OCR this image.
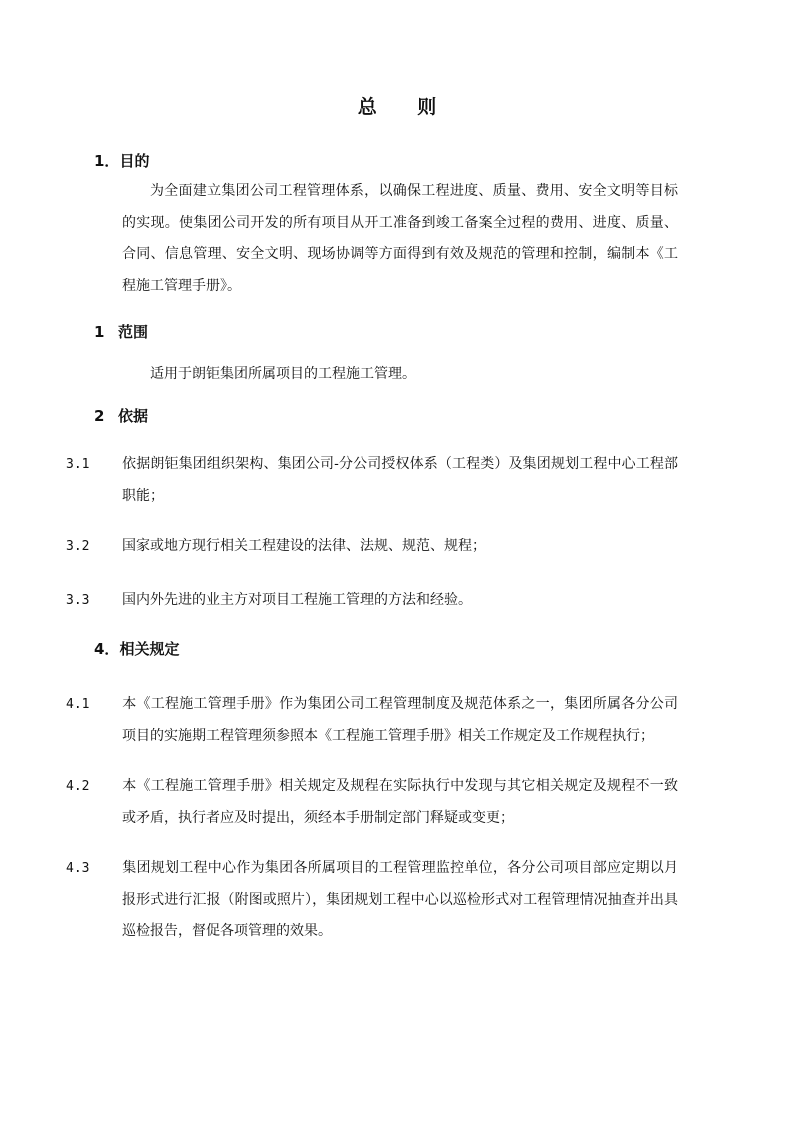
总 则
1．目的

为全面建立集团公司工程管理体系，以确保工程进度、质量、费用、安全文明等目标的实现。使集团公司开发的所有项目从开工准备到竣工备案全过程的费用、进度、质量、合同、信息管理、安全文明、现场协调等方面得到有效及规范的管理和控制，编制本《工程施工管理手册》。

1 范围

适用于朗钜集团所属项目的工程施工管理。

2 依据

3.1 依据朗钜集团组织架构、集团公司-分公司授权体系（工程类）及集团规划工程中心工程部职能；

3.2 国家或地方现行相关工程建设的法律、法规、规范、规程；

3.3 国内外先进的业主方对项目工程施工管理的方法和经验。

4．相关规定

4.1 本《工程施工管理手册》作为集团公司工程管理制度及规范体系之一，集团所属各分公司项目的实施期工程管理须参照本《工程施工管理手册》相关工作规定及工作规程执行；

4.2 本《工程施工管理手册》相关规定及规程在实际执行中发现与其它相关规定及规程不一致或矛盾，执行者应及时提出，须经本手册制定部门释疑或变更；

4.3 集团规划工程中心作为集团各所属项目的工程管理监控单位，各分公司项目部应定期以月报形式进行汇报（附图或照片），集团规划工程中心以巡检形式对工程管理情况抽查并出具巡检报告，督促各项管理的效果。
